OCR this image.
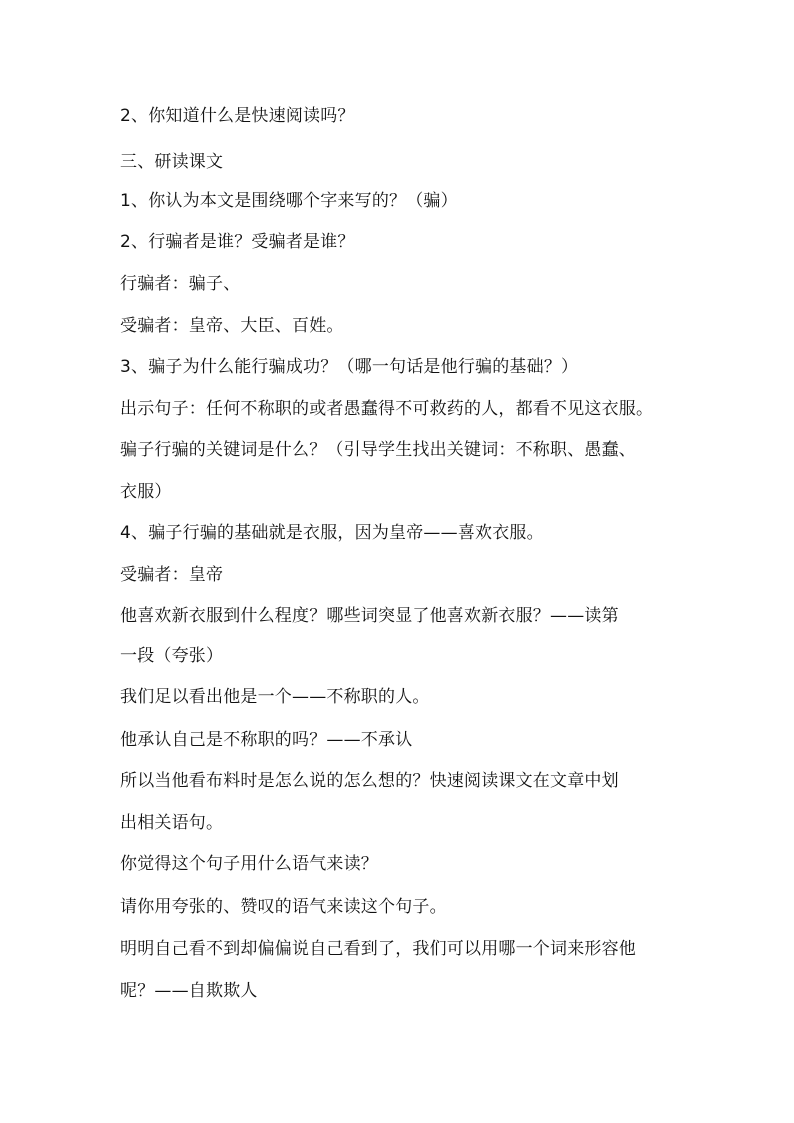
2、你知道什么是快速阅读吗？
三、研读课文
1、你认为本文是围绕哪个字来写的？（骗）
2、行骗者是谁？受骗者是谁？
行骗者：骗子、
受骗者：皇帝、大臣、百姓。
3、骗子为什么能行骗成功？（哪一句话是他行骗的基础？）
出示句子：任何不称职的或者愚蠢得不可救药的人，都看不见这衣服。
骗子行骗的关键词是什么？（引导学生找出关键词：不称职、愚蠢、
衣服）
4、骗子行骗的基础就是衣服，因为皇帝——喜欢衣服。
受骗者：皇帝
他喜欢新衣服到什么程度？哪些词突显了他喜欢新衣服？——读第
一段（夸张）
我们足以看出他是一个——不称职的人。
他承认自己是不称职的吗？——不承认
所以当他看布料时是怎么说的怎么想的？快速阅读课文在文章中划
出相关语句。
你觉得这个句子用什么语气来读？
请你用夸张的、赞叹的语气来读这个句子。
明明自己看不到却偏偏说自己看到了，我们可以用哪一个词来形容他
呢？——自欺欺人
